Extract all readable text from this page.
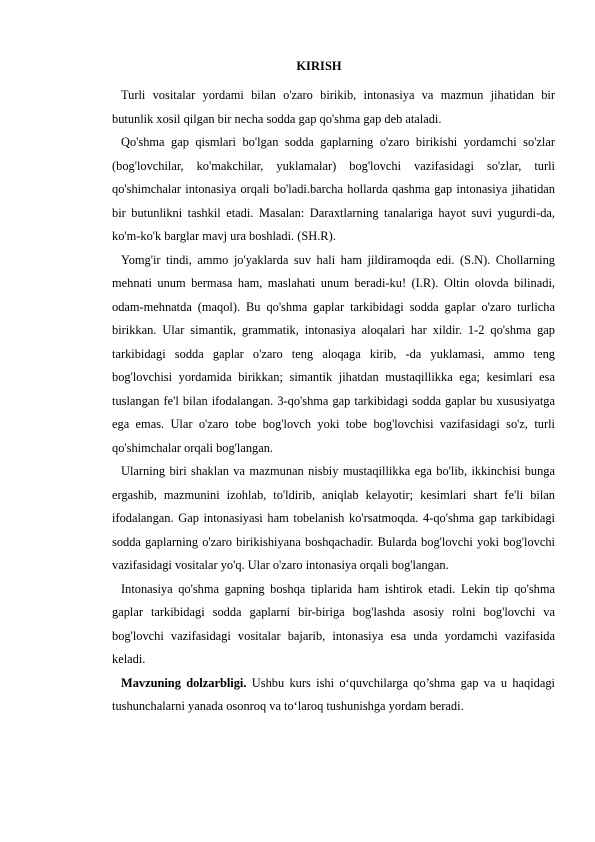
KIRISH

Turli vositalar yordami bilan o'zaro birikib, intonasiya va mazmun jihatidan bir butunlik xosil qilgan bir necha sodda gap qo'shma gap deb ataladi.

Qo'shma gap qismlari bo'lgan sodda gaplarning o'zaro birikishi yordamchi so'zlar (bog'lovchilar, ko'makchilar, yuklamalar) bog'lovchi vazifasidagi so'zlar, turli qo'shimchalar intonasiya orqali bo'ladi.barcha hollarda qashma gap intonasiya jihatidan bir butunlikni tashkil etadi. Masalan: Daraxtlarning tanalariga hayot suvi yugurdi-da, ko'm-ko'k barglar mavj ura boshladi. (SH.R).

Yomg'ir tindi, ammo jo'yaklarda suv hali ham jildiramoqda edi. (S.N). Chollarning mehnati unum bermasa ham, maslahati unum beradi-ku! (I.R). Oltin olovda bilinadi, odam-mehnatda (maqol). Bu qo'shma gaplar tarkibidagi sodda gaplar o'zaro turlicha birikkan. Ular simantik, grammatik, intonasiya aloqalari har xildir. 1-2 qo'shma gap tarkibidagi sodda gaplar o'zaro teng aloqaga kirib, -da yuklamasi, ammo teng bog'lovchisi yordamida birikkan; simantik jihatdan mustaqillikka ega; kesimlari esa tuslangan fe'l bilan ifodalangan. 3-qo'shma gap tarkibidagi sodda gaplar bu xususiyatga ega emas. Ular o'zaro tobe bog'lovch yoki tobe bog'lovchisi vazifasidagi so'z, turli qo'shimchalar orqali bog'langan.

Ularning biri shaklan va mazmunan nisbiy mustaqillikka ega bo'lib, ikkinchisi bunga ergashib, mazmunini izohlab, to'ldirib, aniqlab kelayotir; kesimlari shart fe'li bilan ifodalangan. Gap intonasiyasi ham tobelanish ko'rsatmoqda. 4-qo'shma gap tarkibidagi sodda gaplarning o'zaro birikishiyana boshqachadir. Bularda bog'lovchi yoki bog'lovchi vazifasidagi vositalar yo'q. Ular o'zaro intonasiya orqali bog'langan.

Intonasiya qo'shma gapning boshqa tiplarida ham ishtirok etadi. Lekin tip qo'shma gaplar tarkibidagi sodda gaplarni bir-biriga bog'lashda asosiy rolni bog'lovchi va bog'lovchi vazifasidagi vositalar bajarib, intonasiya esa unda yordamchi vazifasida keladi.

Mavzuning dolzarbligi. Ushbu kurs ishi o‘quvchilarga qo’shma gap va u haqidagi tushunchalarni yanada osonroq va to‘laroq tushunishga yordam beradi.
